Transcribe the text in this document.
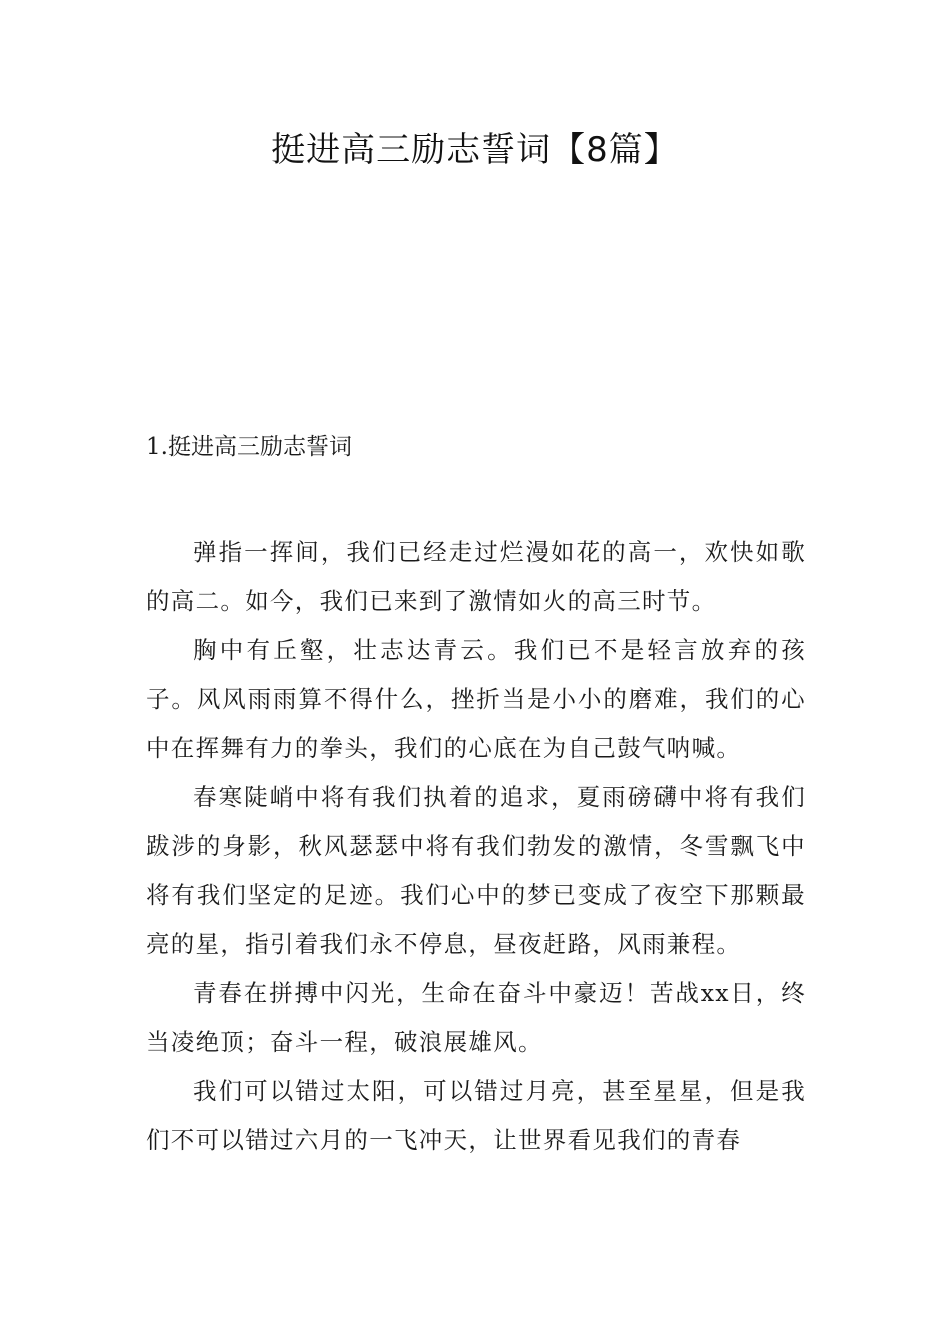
挺进高三励志誓词【8篇】
1.挺进高三励志誓词

弹指一挥间，我们已经走过烂漫如花的高一，欢快如歌的高二。如今，我们已来到了激情如火的高三时节。

胸中有丘壑，壮志达青云。我们已不是轻言放弃的孩子。风风雨雨算不得什么，挫折当是小小的磨难，我们的心中在挥舞有力的拳头，我们的心底在为自己鼓气呐喊。

春寒陡峭中将有我们执着的追求，夏雨磅礴中将有我们跋涉的身影，秋风瑟瑟中将有我们勃发的激情，冬雪飘飞中将有我们坚定的足迹。我们心中的梦已变成了夜空下那颗最亮的星，指引着我们永不停息，昼夜赶路，风雨兼程。

青春在拼搏中闪光，生命在奋斗中豪迈！苦战xx日，终当凌绝顶；奋斗一程，破浪展雄风。

我们可以错过太阳，可以错过月亮，甚至星星，但是我们不可以错过六月的一飞冲天，让世界看见我们的青春
